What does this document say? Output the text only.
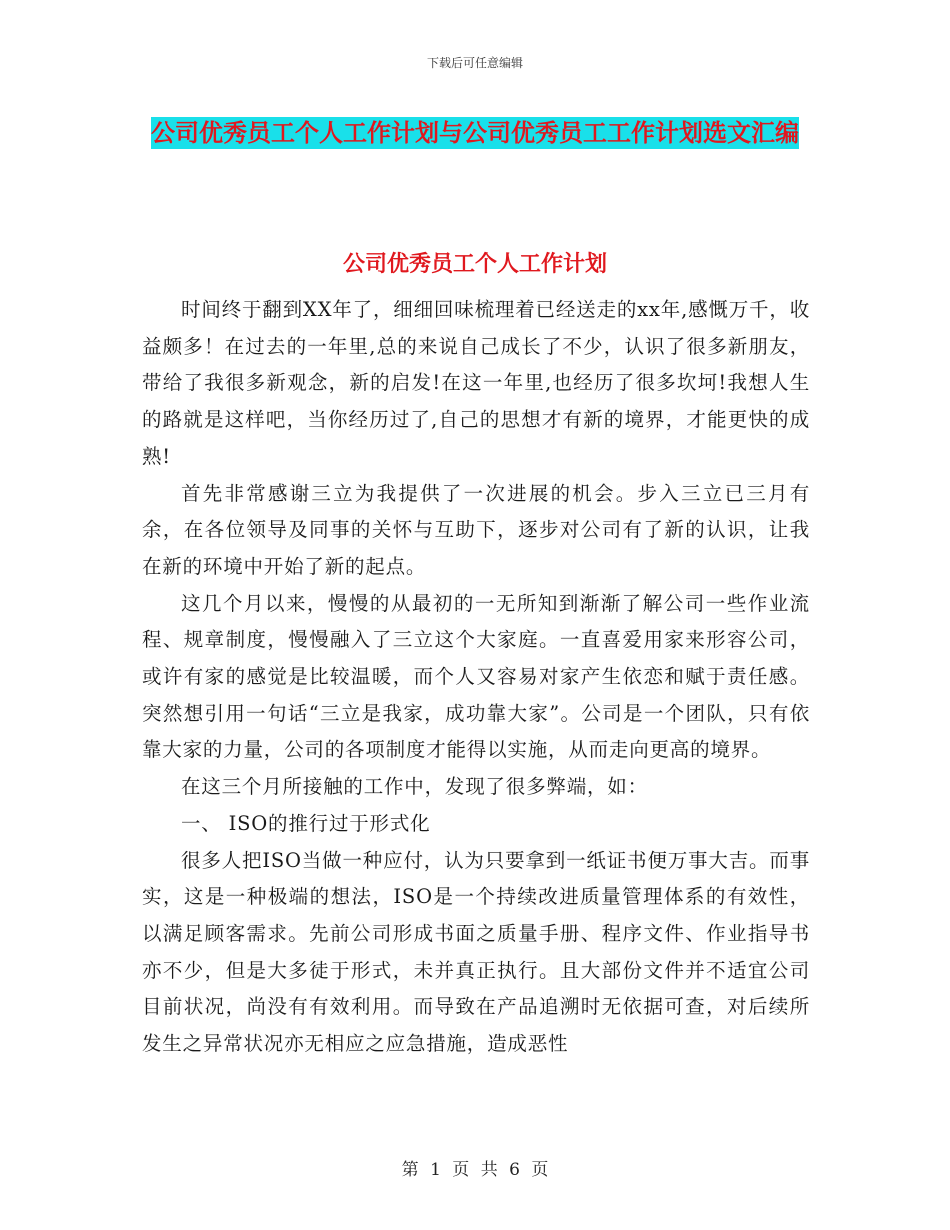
下载后可任意编辑
公司优秀员工个人工作计划与公司优秀员工工作计划选文汇编
公司优秀员工个人工作计划

时间终于翻到XX年了，细细回味梳理着已经送走的xx年,感慨万千，收益颇多！在过去的一年里,总的来说自己成长了不少，认识了很多新朋友，带给了我很多新观念，新的启发!在这一年里,也经历了很多坎坷!我想人生的路就是这样吧，当你经历过了,自己的思想才有新的境界，才能更快的成熟!

首先非常感谢三立为我提供了一次进展的机会。步入三立已三月有余，在各位领导及同事的关怀与互助下，逐步对公司有了新的认识，让我在新的环境中开始了新的起点。

这几个月以来，慢慢的从最初的一无所知到渐渐了解公司一些作业流程、规章制度，慢慢融入了三立这个大家庭。一直喜爱用家来形容公司，或许有家的感觉是比较温暖，而个人又容易对家产生依恋和赋于责任感。突然想引用一句话“三立是我家，成功靠大家”。公司是一个团队，只有依靠大家的力量，公司的各项制度才能得以实施，从而走向更高的境界。

在这三个月所接触的工作中，发现了很多弊端，如：

一、 ISO的推行过于形式化

很多人把ISO当做一种应付，认为只要拿到一纸证书便万事大吉。而事实，这是一种极端的想法，ISO是一个持续改进质量管理体系的有效性，以满足顾客需求。先前公司形成书面之质量手册、程序文件、作业指导书亦不少，但是大多徒于形式，未并真正执行。且大部份文件并不适宜公司目前状况，尚没有有效利用。而导致在产品追溯时无依据可查，对后续所发生之异常状况亦无相应之应急措施，造成恶性

第 1 页 共 6 页
